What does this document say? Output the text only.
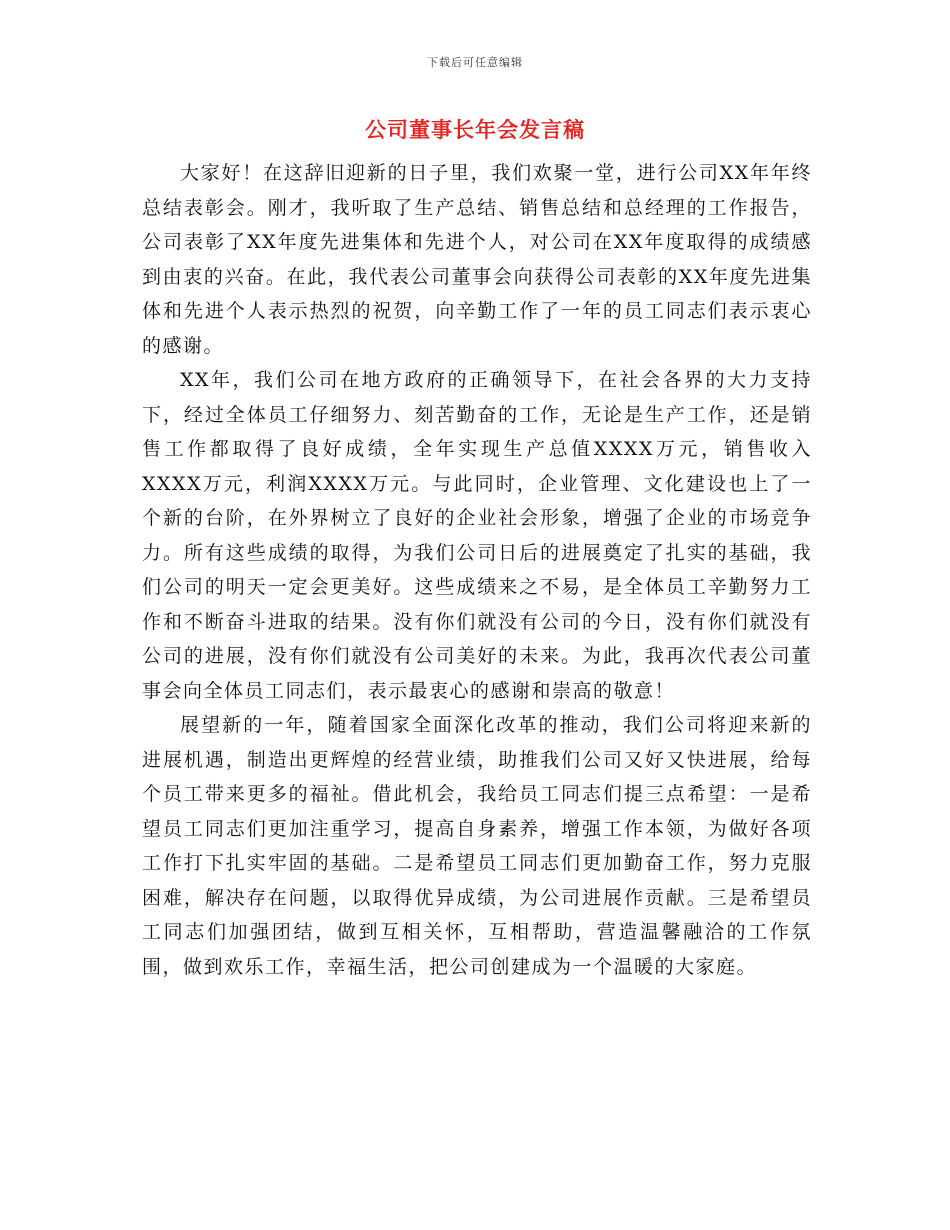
下载后可任意编辑
公司董事长年会发言稿

大家好！在这辞旧迎新的日子里，我们欢聚一堂，进行公司XX年年终总结表彰会。刚才，我听取了生产总结、销售总结和总经理的工作报告，公司表彰了XX年度先进集体和先进个人，对公司在XX年度取得的成绩感到由衷的兴奋。在此，我代表公司董事会向获得公司表彰的XX年度先进集体和先进个人表示热烈的祝贺，向辛勤工作了一年的员工同志们表示衷心的感谢。

XX年，我们公司在地方政府的正确领导下，在社会各界的大力支持下，经过全体员工仔细努力、刻苦勤奋的工作，无论是生产工作，还是销售工作都取得了良好成绩，全年实现生产总值XXXX万元，销售收入XXXX万元，利润XXXX万元。与此同时，企业管理、文化建设也上了一个新的台阶，在外界树立了良好的企业社会形象，增强了企业的市场竞争力。所有这些成绩的取得，为我们公司日后的进展奠定了扎实的基础，我们公司的明天一定会更美好。这些成绩来之不易，是全体员工辛勤努力工作和不断奋斗进取的结果。没有你们就没有公司的今日，没有你们就没有公司的进展，没有你们就没有公司美好的未来。为此，我再次代表公司董事会向全体员工同志们，表示最衷心的感谢和崇高的敬意！

展望新的一年，随着国家全面深化改革的推动，我们公司将迎来新的进展机遇，制造出更辉煌的经营业绩，助推我们公司又好又快进展，给每个员工带来更多的福祉。借此机会，我给员工同志们提三点希望：一是希望员工同志们更加注重学习，提高自身素养，增强工作本领，为做好各项工作打下扎实牢固的基础。二是希望员工同志们更加勤奋工作，努力克服困难，解决存在问题，以取得优异成绩，为公司进展作贡献。三是希望员工同志们加强团结，做到互相关怀，互相帮助，营造温馨融洽的工作氛围，做到欢乐工作，幸福生活，把公司创建成为一个温暖的大家庭。
